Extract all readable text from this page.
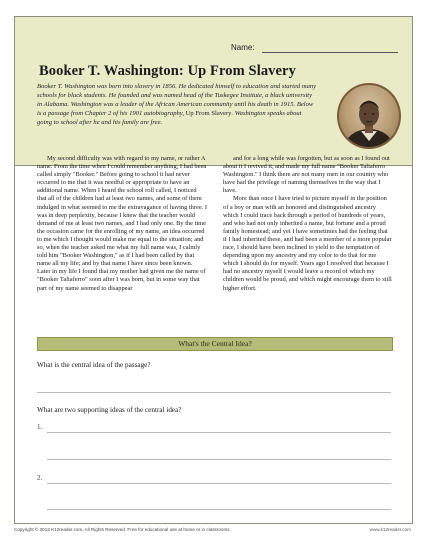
Name:
Booker T. Washington: Up From Slavery
Booker T. Washington was born into slavery in 1856. He dedicated himself to education and started many schools for black students. He founded and was named head of the Tuskegee Institute, a black university in Alabama. Washington was a leader of the African American community until his death in 1915. Below is a passage from Chapter 2 of his 1901 autobiography, Up From Slavery. Washington speaks about going to school after he and his family are free.

My second difficulty was with regard to my name, or rather A name. From the time when I could remember anything, I had been called simply "Booker." Before going to school it had never occurred to me that it was needful or appropriate to have an additional name. When I heard the school roll called, I noticed that all of the children had at least two names, and some of them indulged in what seemed to me the extravagance of having three. I was in deep perplexity, because I knew that the teacher would demand of me at least two names, and I had only one. By the time the occasion came for the enrolling of my name, an idea occurred to me which I thought would make me equal to the situation; and so, when the teacher asked me what my full name was, I calmly told him "Booker Washington," as if I had been called by that name all my life; and by that name I have since been known. Later in my life I found that my mother had given me the name of "Booker Taliaferro" soon after I was born, but in some way that part of my name seemed to disappear

and for a long while was forgotten, but as soon as I found out about it I revived it, and made my full name "Booker Taliaferro Washington." I think there are not many men in our country who have had the privilege of naming themselves in the way that I have.

More than once I have tried to picture myself in the position of a boy or man with an honored and distinguished ancestry which I could trace back through a period of hundreds of years, and who had not only inherited a name, but fortune and a proud family homestead; and yet I have sometimes had the feeling that if I had inherited these, and had been a member of a more popular race, I should have been inclined to yield to the temptation of depending upon my ancestry and my color to do that for me which I should do for myself. Years ago I resolved that because I had no ancestry myself I would leave a record of which my children would be proud, and which might encourage them to still higher effort.

What's the Central Idea?
What is the central idea of the passage?
What are two supporting ideas of the central idea?
1.
2.
Copyright © 2013 K12reader.com. All Rights Reserved. Free for educational use at home or in classrooms.	www.k12reader.com
